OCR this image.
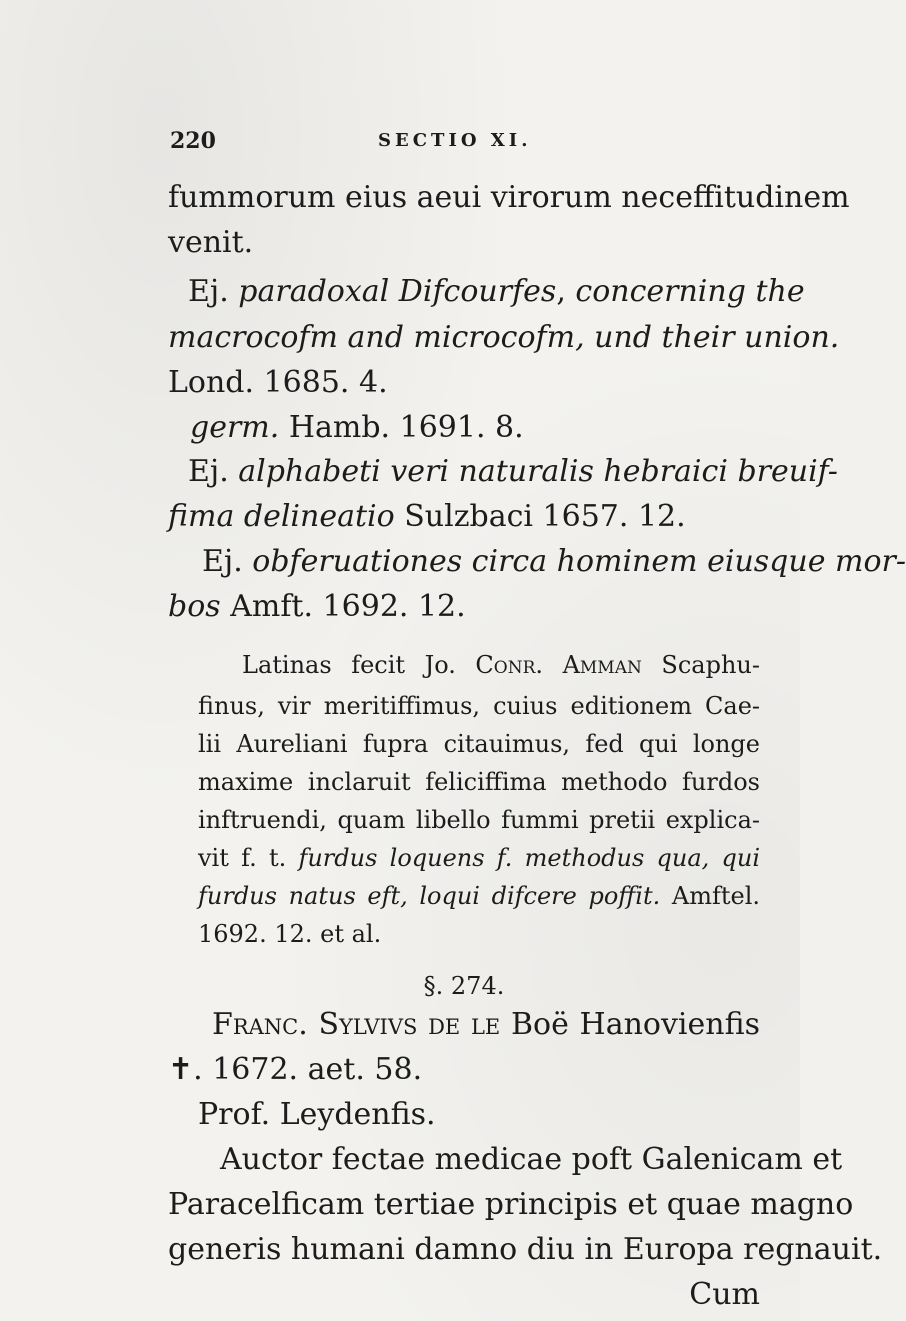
220	SECTIO XI.
fummorum eius aeui virorum neceffitudinem
venit.
Ej. paradoxal Difcourfes, concerning the
macrocofm and microcofm, und their union.
Lond. 1685. 4.
germ. Hamb. 1691. 8.
Ej. alphabeti veri naturalis hebraici breuif-
fima delineatio Sulzbaci 1657. 12.
Ej. obferuationes circa hominem eiusque mor-
bos Amft. 1692. 12.
Latinas fecit Jo. Conr. Amman Scaphu-
finus, vir meritiffimus, cuius editionem Cae-
lii Aureliani fupra citauimus, fed qui longe
maxime inclaruit feliciffima methodo furdos
inftruendi, quam libello fummi pretii explica-
vit f. t. furdus loquens f. methodus qua, qui
furdus natus eft, loqui difcere poffit. Amftel.
1692. 12. et al.
§. 274.
Franc. Sylvivs de le Boë Hanovienfis
✝. 1672. aet. 58.
Prof. Leydenfis.
Auctor fectae medicae poft Galenicam et
Paracelficam tertiae principis et quae magno
generis humani damno diu in Europa regnauit.
Cum
